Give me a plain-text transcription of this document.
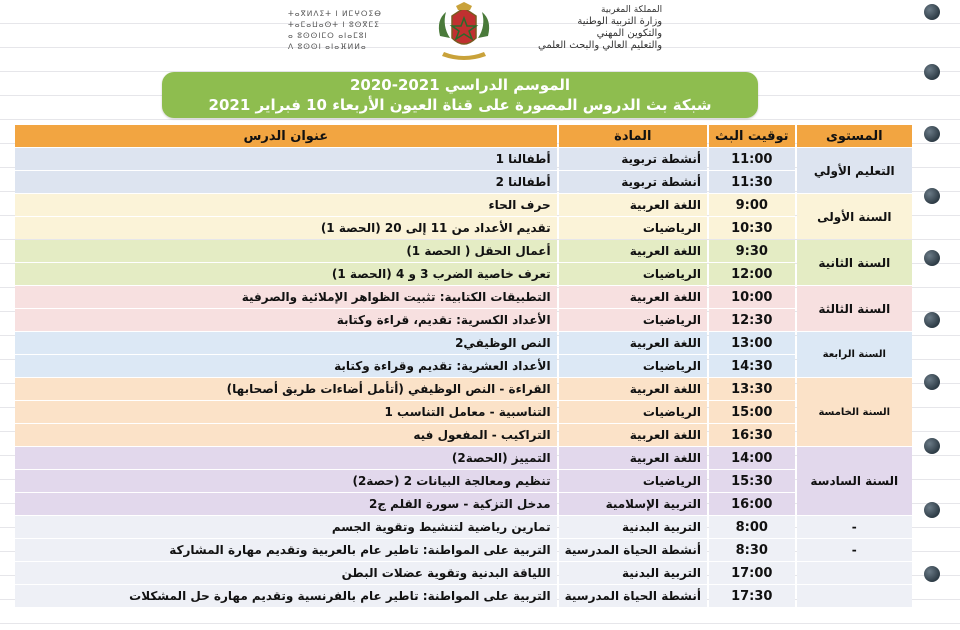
ⵜⴰⴳⵍⴷⵉⵜ ⵏ ⵍⵎⵖⵔⵉⴱ
ⵜⴰⵎⴰⵡⴰⵙⵜ ⵏ ⵓⵙⴳⵎⵉ
ⴰ ⵓⵙⵙⵏⵎⵔ ⴰⵏⴰⵎⵓⵏ
ⴷ ⵓⵙⵙⵏ ⴰⵏⴰⴼⵍⵍⴰ
المملكة المغربية
وزارة التربية الوطنية
والتكوين المهني
والتعليم العالي والبحث العلمي
الموسم الدراسي 2021-2020
شبكة بث الدروس المصورة على قناة العيون الأربعاء 10 فبراير 2021
عنوان الدرس	المادة	توقيت البث	المستوى
أطفالنا 1	أنشطة تربوية	11:00	التعليم الأولي
أطفالنا 2	أنشطة تربوية	11:30	
حرف الحاء	اللغة العربية	9:00	السنة الأولى
تقديم الأعداد من 11 إلى 20 (الحصة 1)	الرياضيات	10:30	
أعمال الحقل ( الحصة 1)	اللغة العربية	9:30	السنة الثانية
تعرف خاصية الضرب 3 و 4 (الحصة 1)	الرياضيات	12:00	
التطبيقات الكتابية: تثبيت الظواهر الإملائية والصرفية	اللغة العربية	10:00	السنة الثالثة
الأعداد الكسرية: تقديم، قراءة وكتابة	الرياضيات	12:30	
النص الوظيفي2	اللغة العربية	13:00	السنة الرابعة
الأعداد العشرية: تقديم وقراءة وكتابة	الرياضيات	14:30	
القراءة - النص الوظيفي (أتأمل أضاءات طريق أصحابها)	اللغة العربية	13:30	السنة الخامسة
التناسبية - معامل التناسب 1	الرياضيات	15:00	
التراكيب - المفعول فيه	اللغة العربية	16:30	
التمييز (الحصة2)	اللغة العربية	14:00	السنة السادسة
تنظيم ومعالجة البيانات 2 (حصة2)	الرياضيات	15:30	
مدخل التزكية - سورة القلم ج2	التربية الإسلامية	16:00	
تمارين رياضية لتنشيط وتقوية الجسم	التربية البدنية	8:00	-
التربية على المواطنة: تاطير عام بالعربية وتقديم مهارة المشاركة	أنشطة الحياة المدرسية	8:30	-
اللياقة البدنية وتقوية عضلات البطن	التربية البدنية	17:00	
التربية على المواطنة: تاطير عام بالفرنسية وتقديم مهارة حل المشكلات	أنشطة الحياة المدرسية	17:30	
